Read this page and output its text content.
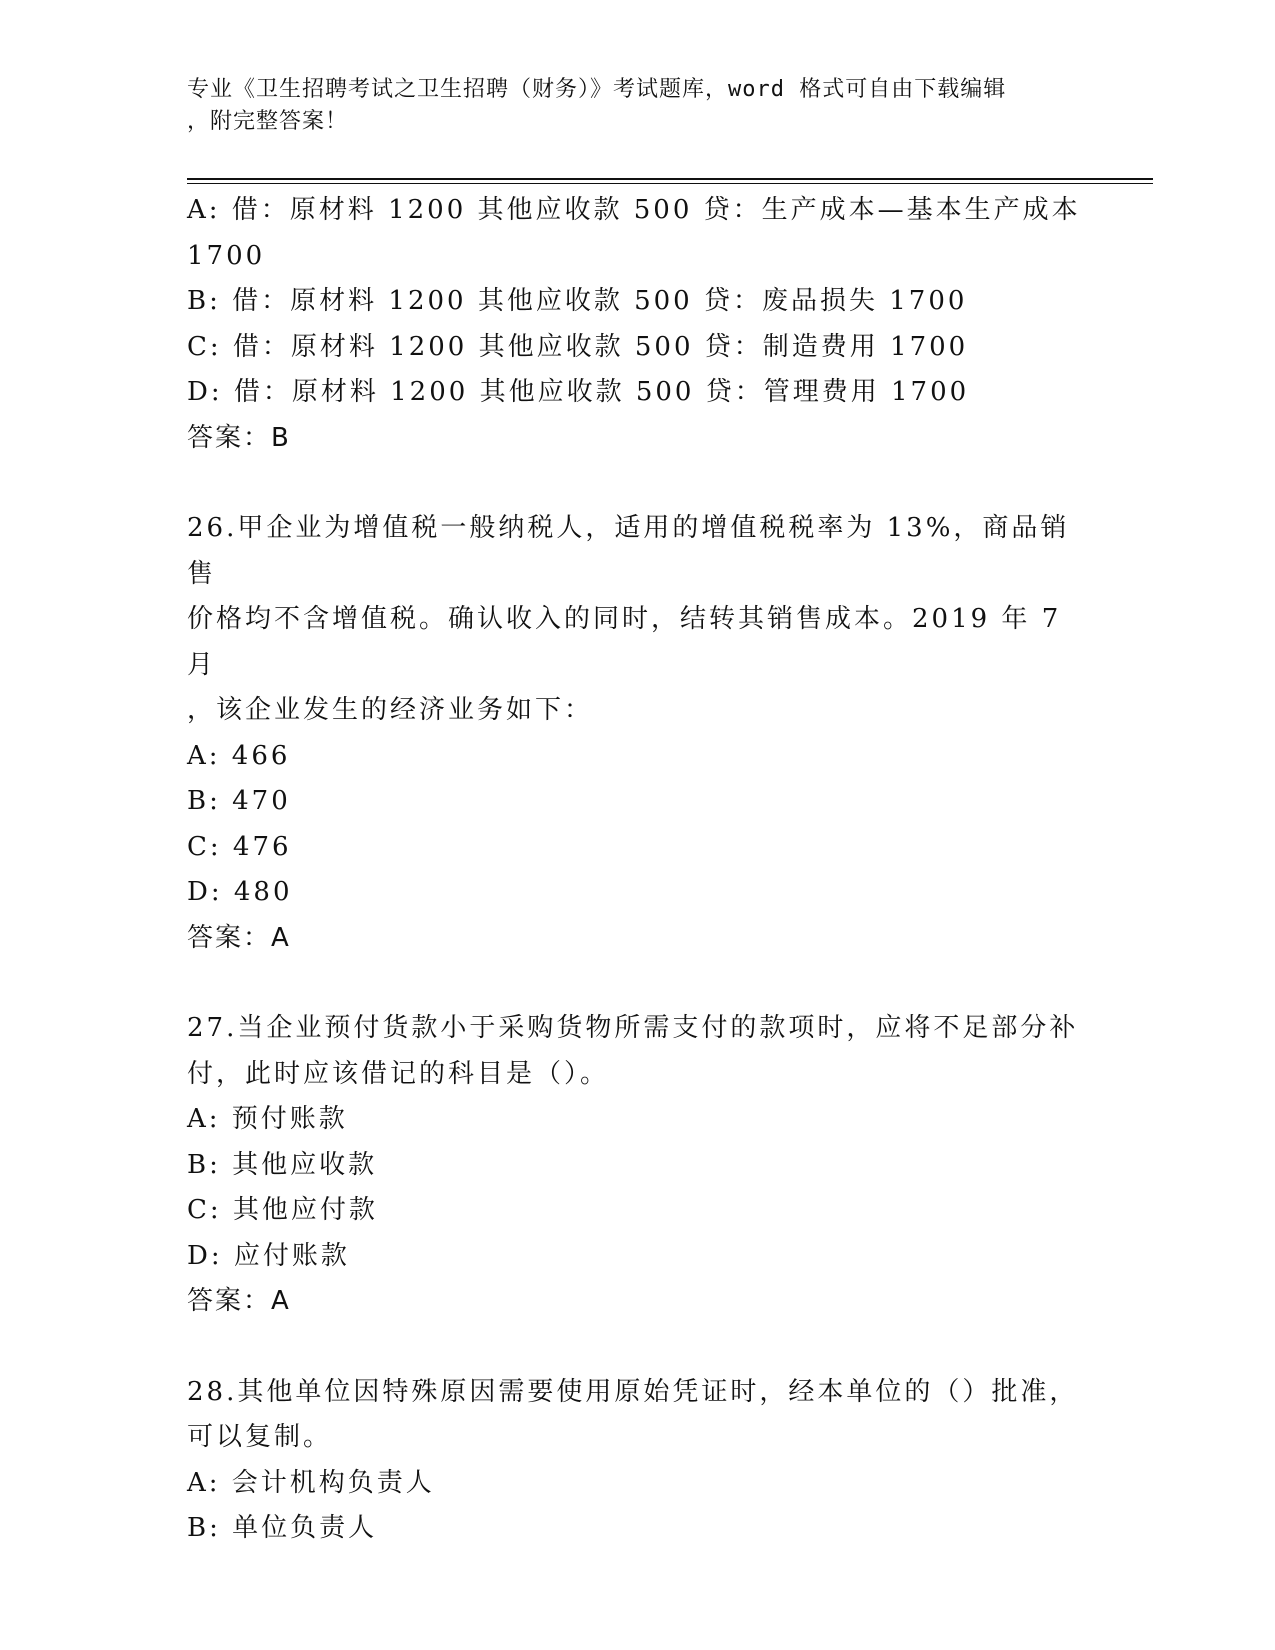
专业《卫生招聘考试之卫生招聘（财务）》考试题库，word 格式可自由下载编辑
，附完整答案！

A: 借：原材料 1200 其他应收款 500 贷：生产成本—基本生产成本

1700

B: 借：原材料 1200 其他应收款 500 贷：废品损失 1700

C: 借：原材料 1200 其他应收款 500 贷：制造费用 1700

D: 借：原材料 1200 其他应收款 500 贷：管理费用 1700

答案：B

26.甲企业为增值税一般纳税人，适用的增值税税率为 13%，商品销售

价格均不含增值税。确认收入的同时，结转其销售成本。2019 年 7 月

，该企业发生的经济业务如下：

A: 466

B: 470

C: 476

D: 480

答案：A

27.当企业预付货款小于采购货物所需支付的款项时，应将不足部分补

付，此时应该借记的科目是（）。

A: 预付账款

B: 其他应收款

C: 其他应付款

D: 应付账款

答案：A

28.其他单位因特殊原因需要使用原始凭证时，经本单位的（）批准，

可以复制。

A: 会计机构负责人

B: 单位负责人
